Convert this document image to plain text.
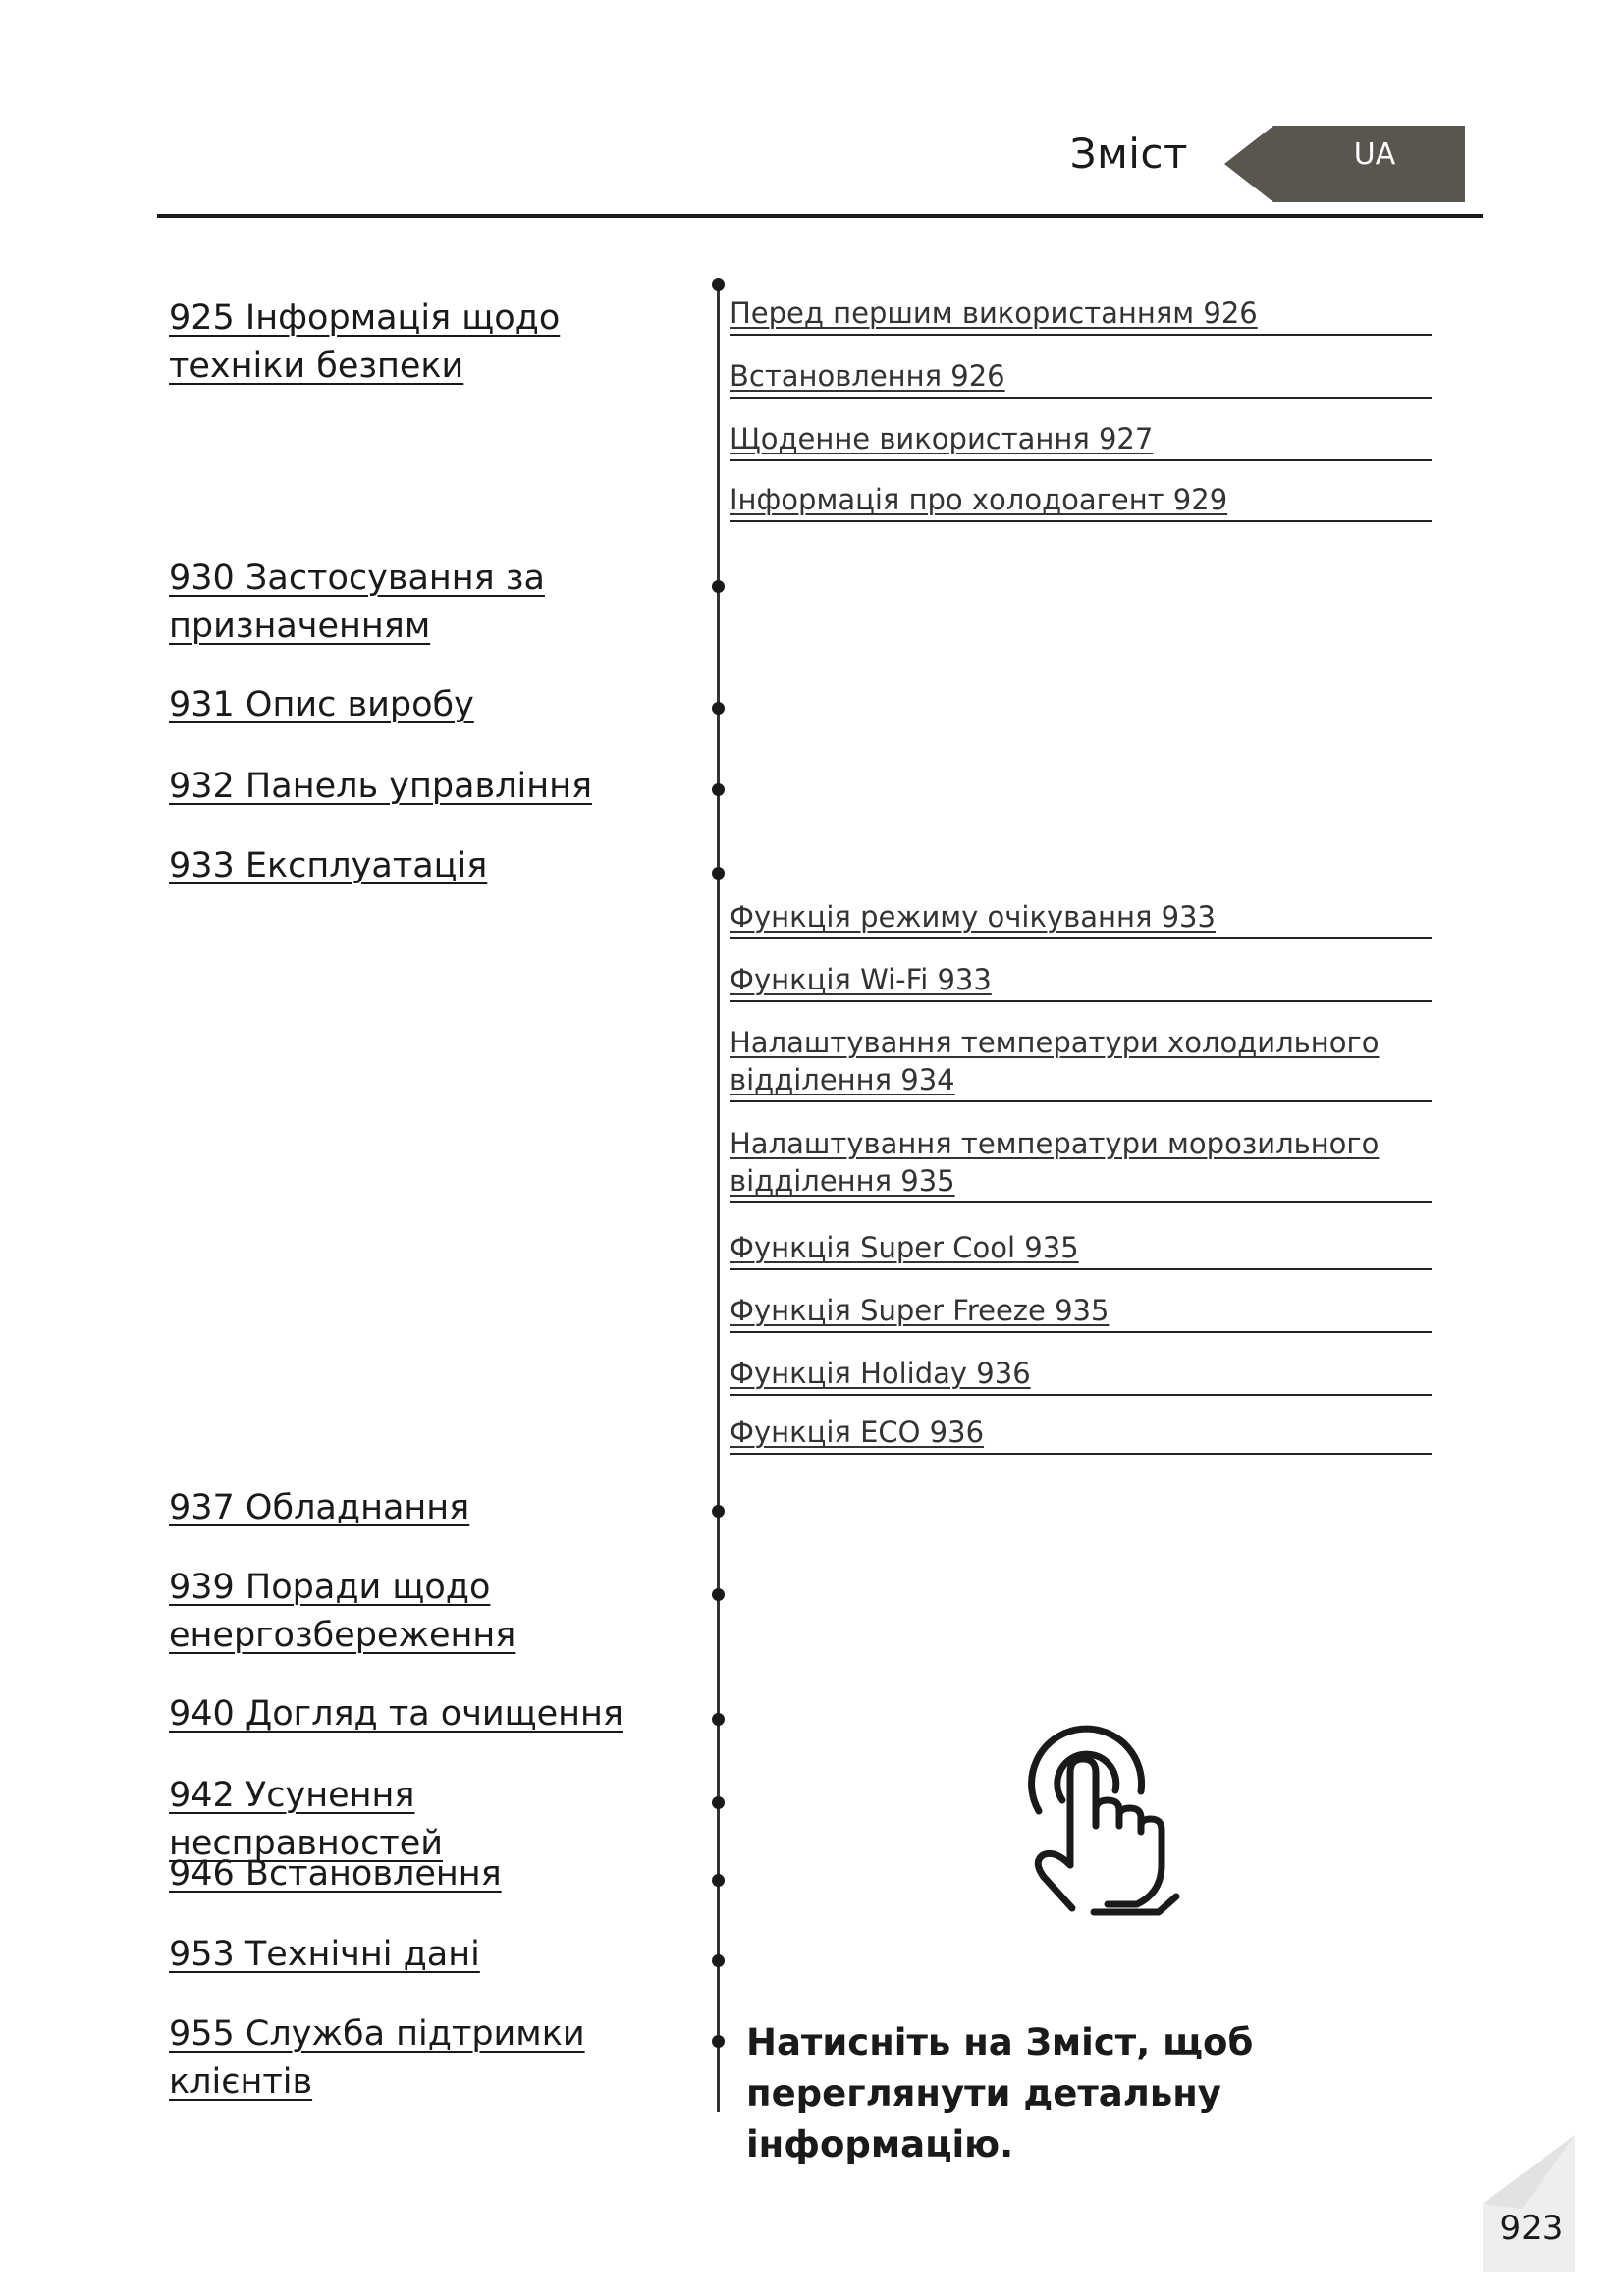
Зміст	UA
925 Інформація щодо техніки безпеки
930 Застосування за призначенням
931 Опис виробу
932 Панель управління
933 Експлуатація
937 Обладнання
939 Поради щодо енергозбереження
940 Догляд та очищення
942 Усунення несправностей
946 Встановлення
953 Технічні дані
955 Служба підтримки клієнтів
Перед першим використанням 926
Встановлення 926
Щоденне використання 927
Інформація про холодоагент 929
Функція режиму очікування 933
Функція Wi-Fi 933
Налаштування температури холодильного відділення 934
Налаштування температури морозильного відділення 935
Функція Super Cool 935
Функція Super Freeze 935
Функція Holiday 936
Функція ECO 936
Натисніть на Зміст, щоб переглянути детальну інформацію.
923
